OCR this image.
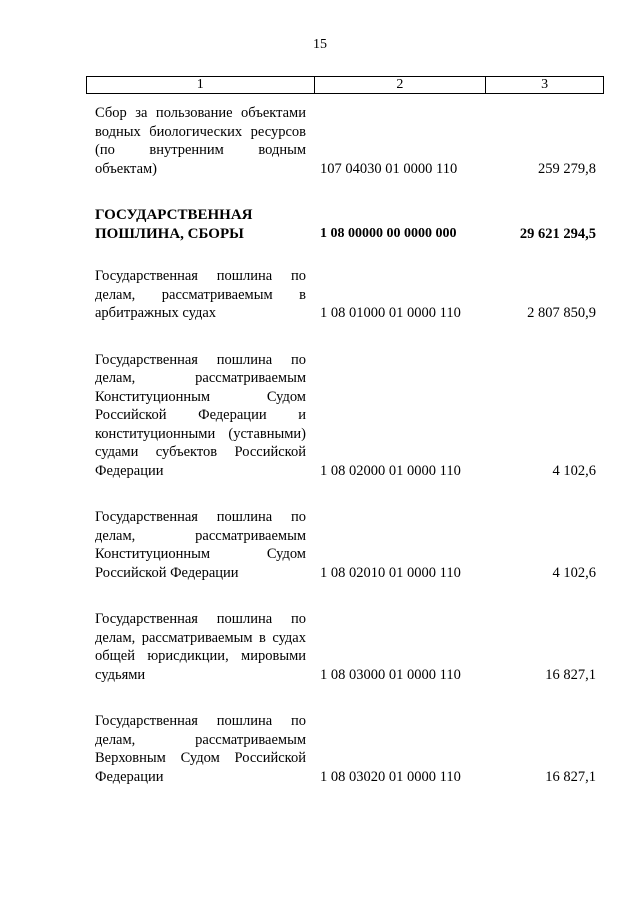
15
1	2	3
Сбор за пользование объектами водных биологических ресурсов (по внутренним водным объектам)	107 04030 01 0000 110	259 279,8
ГОСУДАРСТВЕННАЯ ПОШЛИНА, СБОРЫ	1 08 00000 00 0000 000	29 621 294,5
Государственная пошлина по делам, рассматриваемым в арбитражных судах	1 08 01000 01 0000 110	2 807 850,9
Государственная пошлина по делам, рассматриваемым Конституционным Судом Российской Федерации и конституционными (уставными) судами субъектов Российской Федерации	1 08 02000 01 0000 110	4 102,6
Государственная пошлина по делам, рассматриваемым Конституционным Судом Российской Федерации	1 08 02010 01 0000 110	4 102,6
Государственная пошлина по делам, рассматриваемым в судах общей юрисдикции, мировыми судьями	1 08 03000 01 0000 110	16 827,1
Государственная пошлина по делам, рассматриваемым Верховным Судом Российской Федерации	1 08 03020 01 0000 110	16 827,1
